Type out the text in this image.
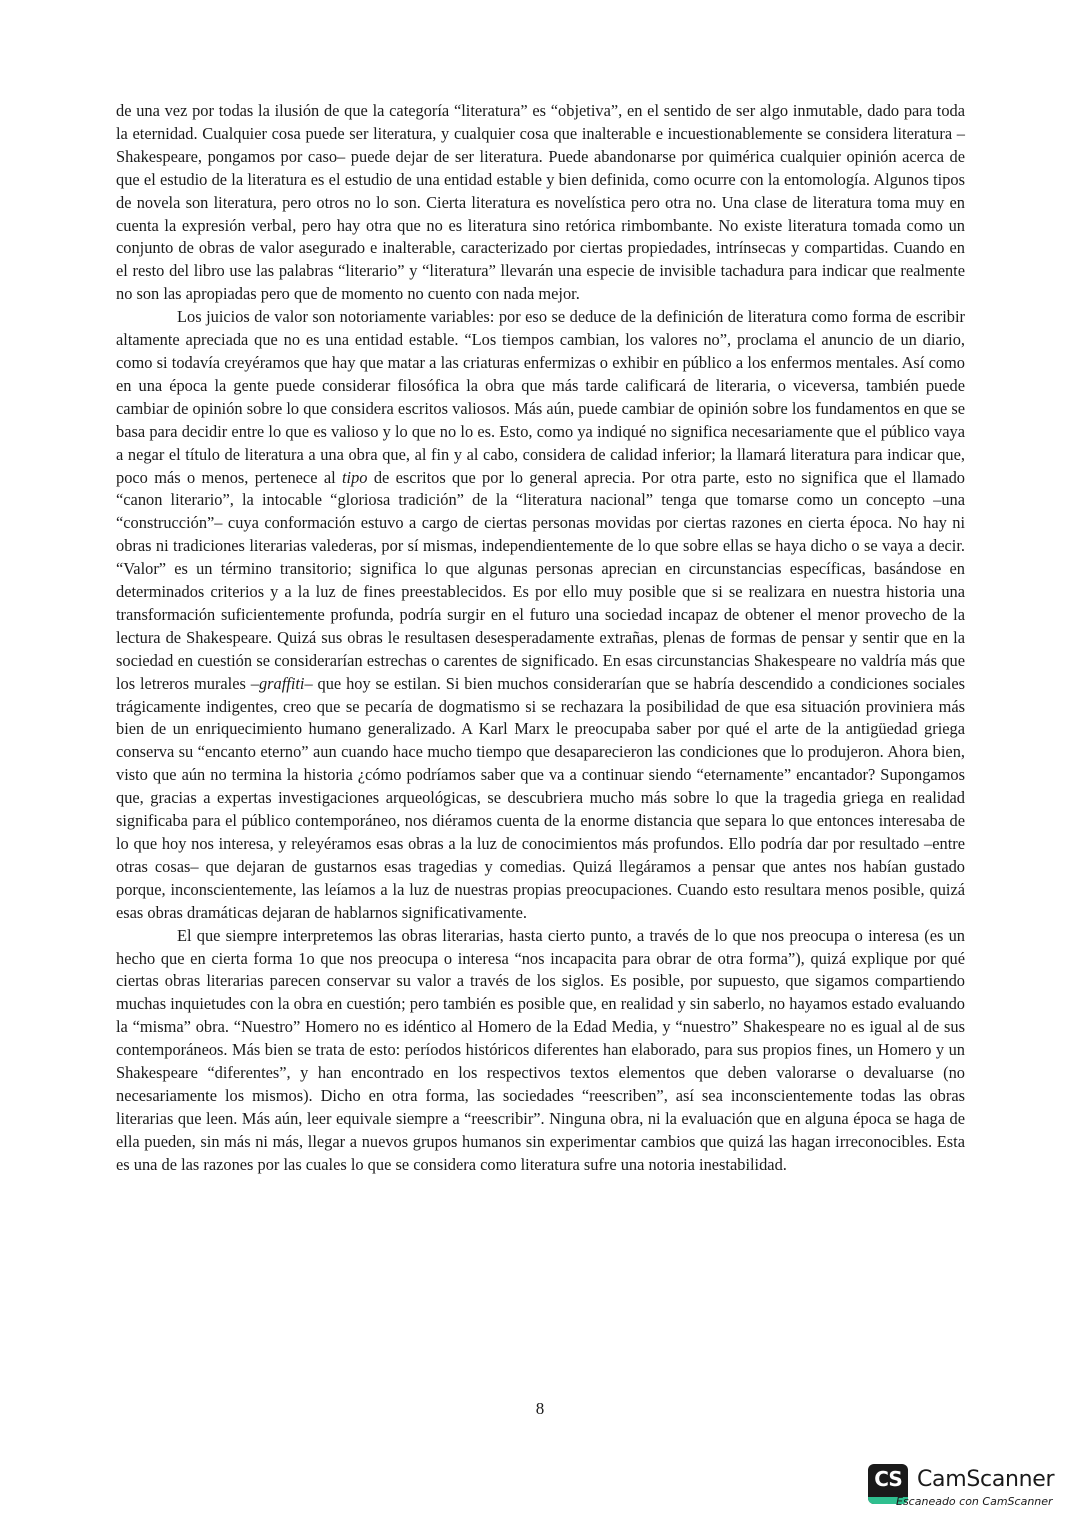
de una vez por todas la ilusión de que la categoría “literatura” es “objetiva”, en el sentido de ser algo inmutable, dado para toda la eternidad. Cualquier cosa puede ser literatura, y cualquier cosa que inalterable e incuestionablemente se considera literatura –Shakespeare, pongamos por caso– puede dejar de ser literatura. Puede abandonarse por quimérica cualquier opinión acerca de que el estudio de la literatura es el estudio de una entidad estable y bien definida, como ocurre con la entomología. Algunos tipos de novela son literatura, pero otros no lo son. Cierta literatura es novelística pero otra no. Una clase de literatura toma muy en cuenta la expresión verbal, pero hay otra que no es literatura sino retórica rimbombante. No existe literatura tomada como un conjunto de obras de valor asegurado e inalterable, caracterizado por ciertas propiedades, intrínsecas y compartidas. Cuando en el resto del libro use las palabras “literario” y “literatura” llevarán una especie de invisible tachadura para indicar que realmente no son las apropiadas pero que de momento no cuento con nada mejor.

Los juicios de valor son notoriamente variables: por eso se deduce de la definición de literatura como forma de escribir altamente apreciada que no es una entidad estable. “Los tiempos cambian, los valores no”, proclama el anuncio de un diario, como si todavía creyéramos que hay que matar a las criaturas enfermizas o exhibir en público a los enfermos mentales. Así como en una época la gente puede considerar filosófica la obra que más tarde calificará de literaria, o viceversa, también puede cambiar de opinión sobre lo que considera escritos valiosos. Más aún, puede cambiar de opinión sobre los fundamentos en que se basa para decidir entre lo que es valioso y lo que no lo es. Esto, como ya indiqué no significa necesariamente que el público vaya a negar el título de literatura a una obra que, al fin y al cabo, considera de calidad inferior; la llamará literatura para indicar que, poco más o menos, pertenece al tipo de escritos que por lo general aprecia. Por otra parte, esto no significa que el llamado “canon literario”, la intocable “gloriosa tradición” de la “literatura nacional” tenga que tomarse como un concepto –una “construcción”– cuya conformación estuvo a cargo de ciertas personas movidas por ciertas razones en cierta época. No hay ni obras ni tradiciones literarias valederas, por sí mismas, independientemente de lo que sobre ellas se haya dicho o se vaya a decir. “Valor” es un término transitorio; significa lo que algunas personas aprecian en circunstancias específicas, basándose en determinados criterios y a la luz de fines preestablecidos. Es por ello muy posible que si se realizara en nuestra historia una transformación suficientemente profunda, podría surgir en el futuro una sociedad incapaz de obtener el menor provecho de la lectura de Shakespeare. Quizá sus obras le resultasen desesperadamente extrañas, plenas de formas de pensar y sentir que en la sociedad en cuestión se considerarían estrechas o carentes de significado. En esas circunstancias Shakespeare no valdría más que los letreros murales –graffiti– que hoy se estilan. Si bien muchos considerarían que se habría descendido a condiciones sociales trágicamente indigentes, creo que se pecaría de dogmatismo si se rechazara la posibilidad de que esa situación proviniera más bien de un enriquecimiento humano generalizado. A Karl Marx le preocupaba saber por qué el arte de la antigüedad griega conserva su “encanto eterno” aun cuando hace mucho tiempo que desaparecieron las condiciones que lo produjeron. Ahora bien, visto que aún no termina la historia ¿cómo podríamos saber que va a continuar siendo “eternamente” encantador? Supongamos que, gracias a expertas investigaciones arqueológicas, se descubriera mucho más sobre lo que la tragedia griega en realidad significaba para el público contemporáneo, nos diéramos cuenta de la enorme distancia que separa lo que entonces interesaba de lo que hoy nos interesa, y releyéramos esas obras a la luz de conocimientos más profundos. Ello podría dar por resultado –entre otras cosas– que dejaran de gustarnos esas tragedias y comedias. Quizá llegáramos a pensar que antes nos habían gustado porque, inconscientemente, las leíamos a la luz de nuestras propias preocupaciones. Cuando esto resultara menos posible, quizá esas obras dramáticas dejaran de hablarnos significativamente.

El que siempre interpretemos las obras literarias, hasta cierto punto, a través de lo que nos preocupa o interesa (es un hecho que en cierta forma 1o que nos preocupa o interesa “nos incapacita para obrar de otra forma”), quizá explique por qué ciertas obras literarias parecen conservar su valor a través de los siglos. Es posible, por supuesto, que sigamos compartiendo muchas inquietudes con la obra en cuestión; pero también es posible que, en realidad y sin saberlo, no hayamos estado evaluando la “misma” obra. “Nuestro” Homero no es idéntico al Homero de la Edad Media, y “nuestro” Shakespeare no es igual al de sus contemporáneos. Más bien se trata de esto: períodos históricos diferentes han elaborado, para sus propios fines, un Homero y un Shakespeare “diferentes”, y han encontrado en los respectivos textos elementos que deben valorarse o devaluarse (no necesariamente los mismos). Dicho en otra forma, las sociedades “reescriben”, así sea inconscientemente todas las obras literarias que leen. Más aún, leer equivale siempre a “reescribir”. Ninguna obra, ni la evaluación que en alguna época se haga de ella pueden, sin más ni más, llegar a nuevos grupos humanos sin experimentar cambios que quizá las hagan irreconocibles. Esta es una de las razones por las cuales lo que se considera como literatura sufre una notoria inestabilidad.

8
CS CamScanner
Escaneado con CamScanner
